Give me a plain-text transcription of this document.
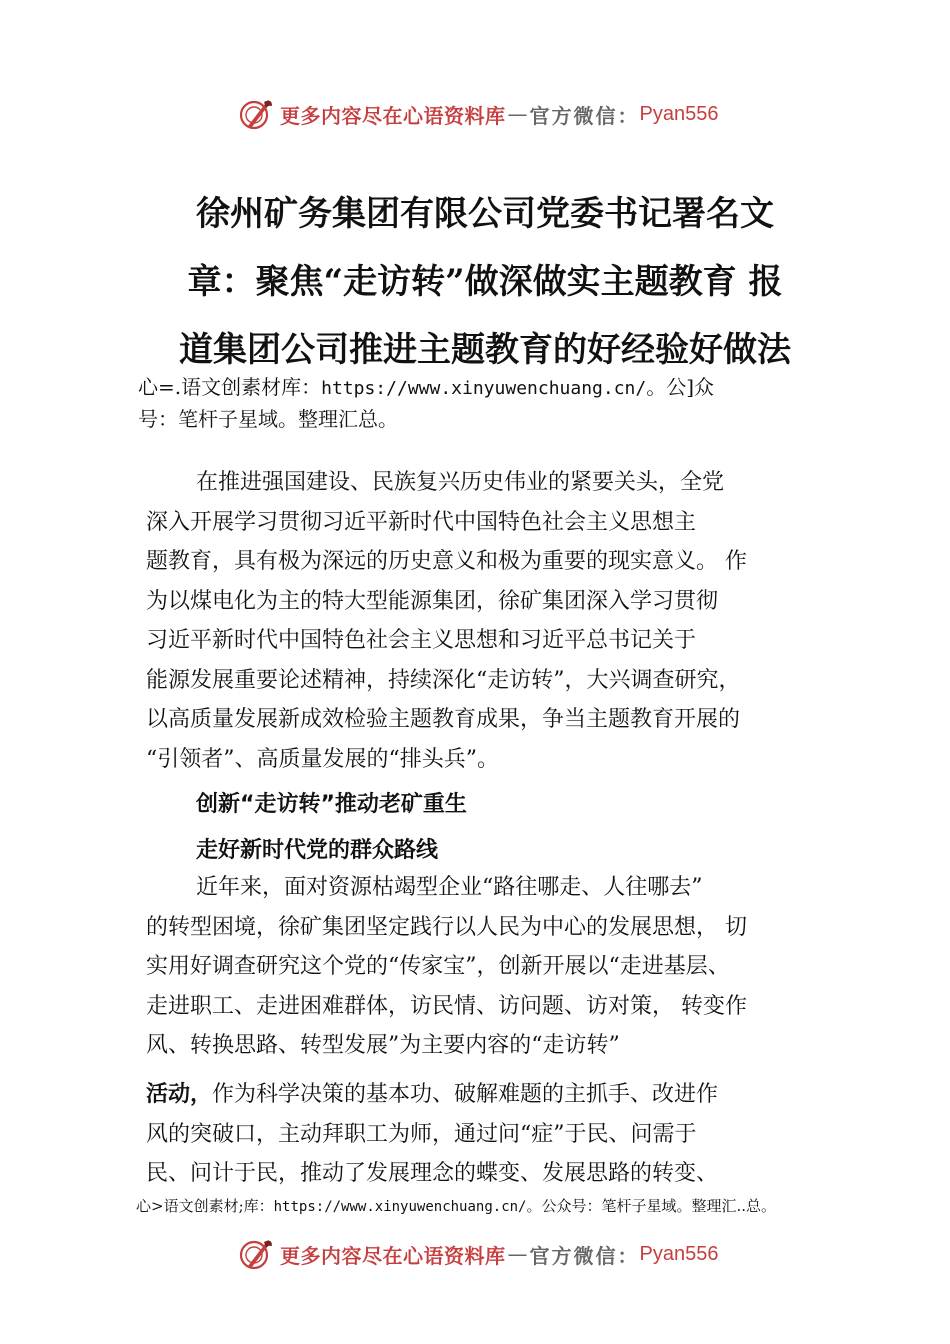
更多内容尽在心语资料库 — 官方微信： Pyan556
徐州矿务集团有限公司党委书记署名文
章：聚焦“走访转”做深做实主题教育 报
道集团公司推进主题教育的好经验好做法

心=.语文创素材库：https://www.xinyuwenchuang.cn/。公]众
号：笔杆子星域。整理汇总。

在推进强国建设、民族复兴历史伟业的紧要关头，全党
深入开展学习贯彻习近平新时代中国特色社会主义思想主
题教育，具有极为深远的历史意义和极为重要的现实意义。 作
为以煤电化为主的特大型能源集团，徐矿集团深入学习贯彻
习近平新时代中国特色社会主义思想和习近平总书记关于
能源发展重要论述精神，持续深化“走访转”，大兴调查研究，
以高质量发展新成效检验主题教育成果，争当主题教育开展的
“引领者”、高质量发展的“排头兵”。

创新“走访转”推动老矿重生
走好新时代党的群众路线

近年来，面对资源枯竭型企业“路往哪走、人往哪去”
的转型困境，徐矿集团坚定践行以人民为中心的发展思想， 切
实用好调查研究这个党的“传家宝”，创新开展以“走进基层、
走进职工、走进困难群体，访民情、访问题、访对策， 转变作
风、转换思路、转型发展”为主要内容的“走访转”

活动，作为科学决策的基本功、破解难题的主抓手、改进作
风的突破口，主动拜职工为师，通过问“症”于民、问需于
民、问计于民，推动了发展理念的蝶变、发展思路的转变、

心>语文创素材;库：https://www.xinyuwenchuang.cn/。公众号：笔杆子星域。整理汇..总。

更多内容尽在心语资料库 — 官方微信： Pyan556
